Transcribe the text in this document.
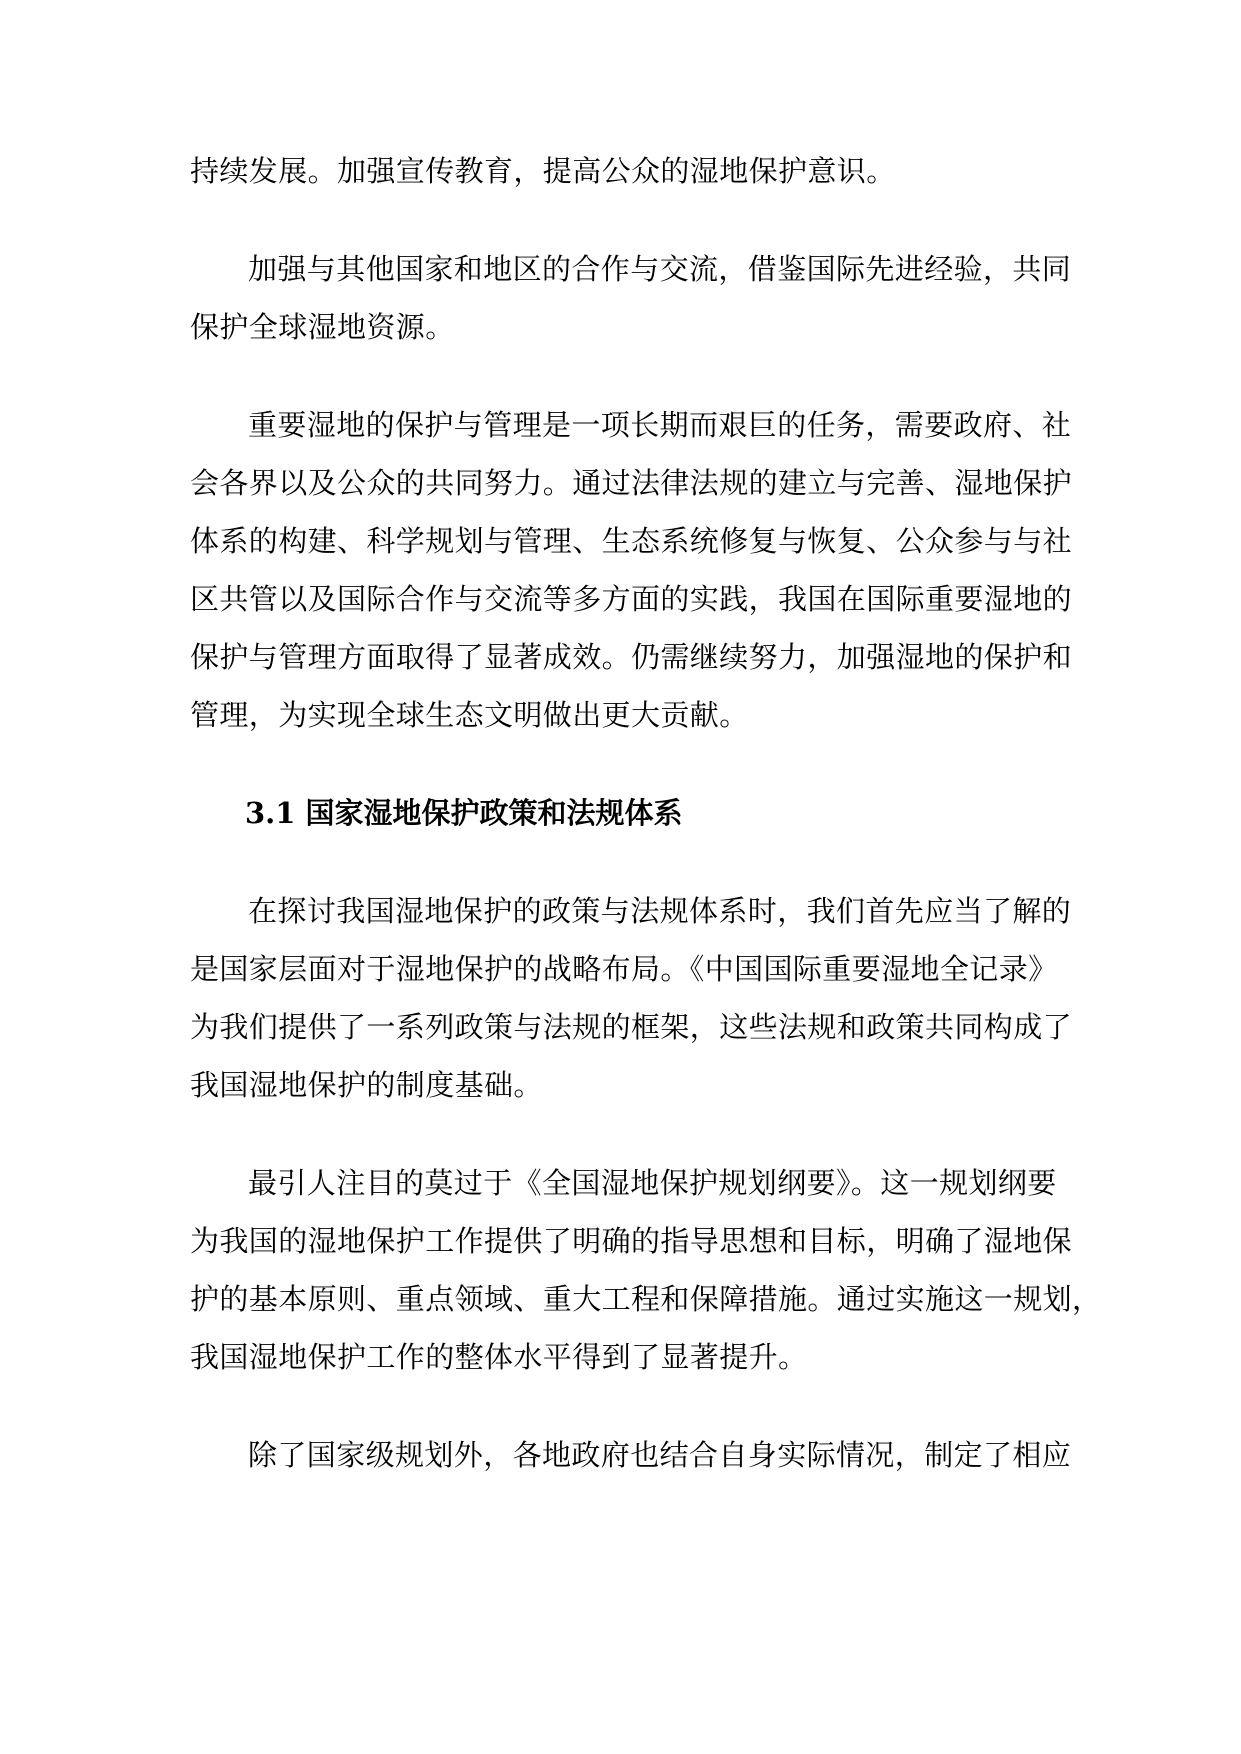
持续发展。加强宣传教育，提高公众的湿地保护意识。
加强与其他国家和地区的合作与交流，借鉴国际先进经验，共同
保护全球湿地资源。
重要湿地的保护与管理是一项长期而艰巨的任务，需要政府、社
会各界以及公众的共同努力。通过法律法规的建立与完善、湿地保护
体系的构建、科学规划与管理、生态系统修复与恢复、公众参与与社
区共管以及国际合作与交流等多方面的实践，我国在国际重要湿地的
保护与管理方面取得了显著成效。仍需继续努力，加强湿地的保护和
管理，为实现全球生态文明做出更大贡献。
3.1 国家湿地保护政策和法规体系
在探讨我国湿地保护的政策与法规体系时，我们首先应当了解的
是国家层面对于湿地保护的战略布局。《中国国际重要湿地全记录》
为我们提供了一系列政策与法规的框架，这些法规和政策共同构成了
我国湿地保护的制度基础。
最引人注目的莫过于《全国湿地保护规划纲要》。这一规划纲要
为我国的湿地保护工作提供了明确的指导思想和目标，明确了湿地保
护的基本原则、重点领域、重大工程和保障措施。通过实施这一规划，
我国湿地保护工作的整体水平得到了显著提升。
除了国家级规划外，各地政府也结合自身实际情况，制定了相应
